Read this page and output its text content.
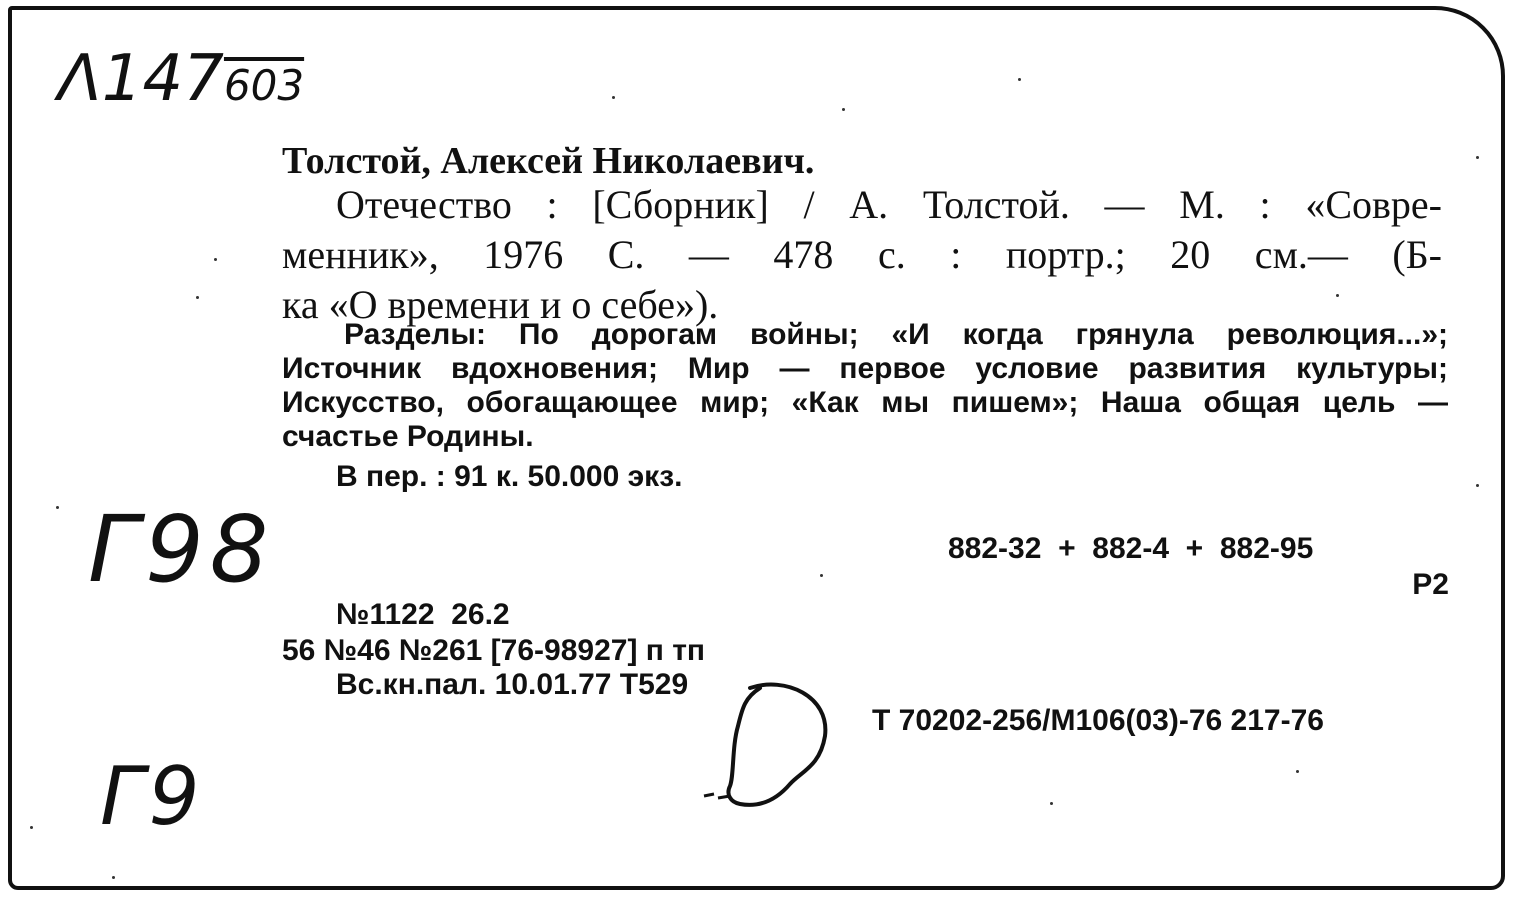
Λ147603
Толстой, Алексей Николаевич.
Отечество : [Сборник] / А. Толстой. — М. : «Совре-
менник», 1976 С. — 478 с. : портр.; 20 см.— (Б-
ка «О времени и о себе»).
Разделы: По дорогам войны; «И когда грянула революция...»;
Источник вдохновения; Мир — первое условие развития культуры;
Искусство, обогащающее мир; «Как мы пишем»; Наша общая цель —
счастье Родины.
В пер. : 91 к. 50.000 экз.
Г98	882-32  +  882-4  +  882-95
Р2
№1122  26.2
56 №46 №261 [76-98927] п тп
Вс.кн.пал. 10.01.77 Т529
Т 70202-256/М106(03)-76 217-76
Г9
